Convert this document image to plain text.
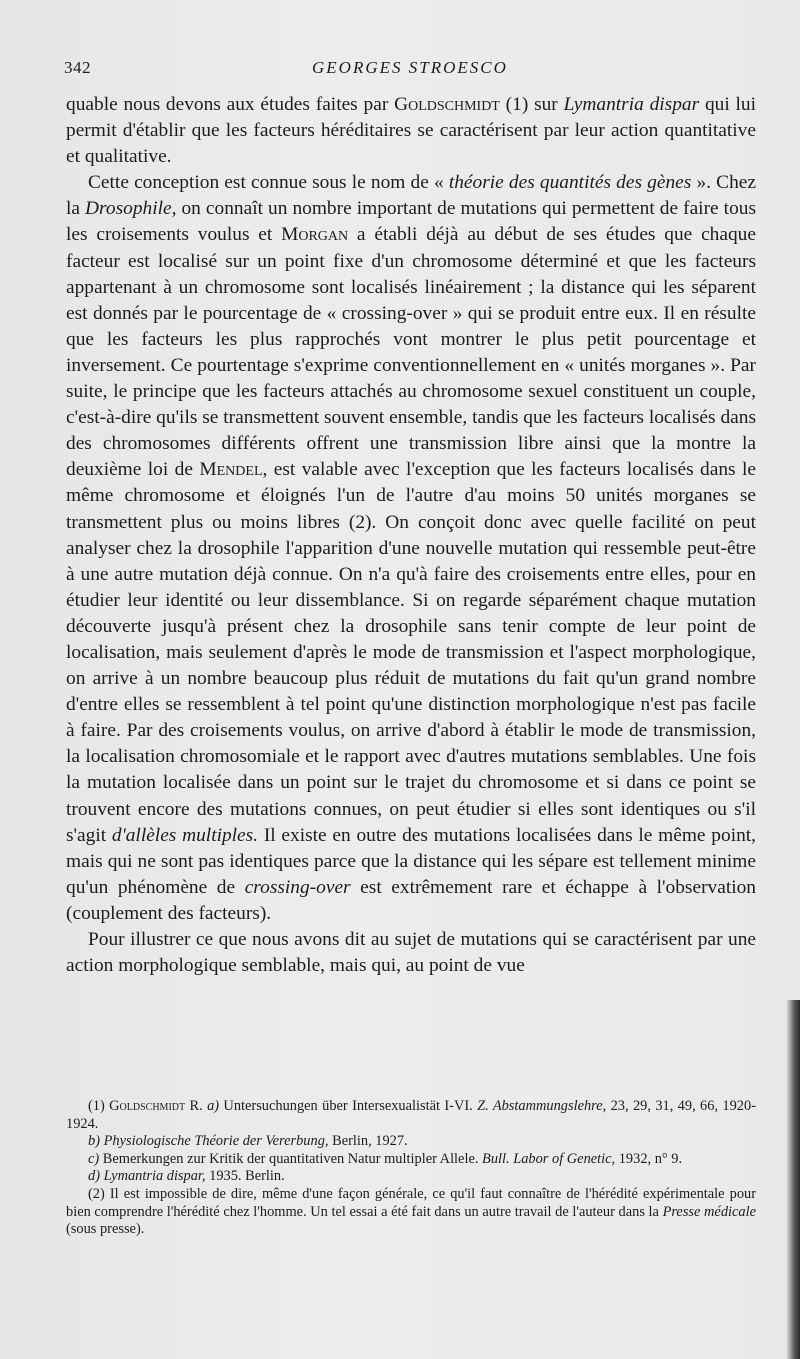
342	GEORGES STROESCO

quable nous devons aux études faites par Goldschmidt (1) sur Lymantria dispar qui lui permit d'établir que les facteurs héréditaires se caractérisent par leur action quantitative et qualitative.

Cette conception est connue sous le nom de « théorie des quantités des gènes ». Chez la Drosophile, on connaît un nombre important de mutations qui permettent de faire tous les croisements voulus et Morgan a établi déjà au début de ses études que chaque facteur est localisé sur un point fixe d'un chromosome déterminé et que les facteurs appartenant à un chromosome sont localisés linéairement ; la distance qui les séparent est donnés par le pourcentage de « crossing-over » qui se produit entre eux. Il en résulte que les facteurs les plus rapprochés vont montrer le plus petit pourcentage et inversement. Ce pourtentage s'exprime conventionnellement en « unités morganes ». Par suite, le principe que les facteurs attachés au chromosome sexuel constituent un couple, c'est-à-dire qu'ils se transmettent souvent ensemble, tandis que les facteurs localisés dans des chromosomes différents offrent une transmission libre ainsi que la montre la deuxième loi de Mendel, est valable avec l'exception que les facteurs localisés dans le même chromosome et éloignés l'un de l'autre d'au moins 50 unités morganes se transmettent plus ou moins libres (2). On conçoit donc avec quelle facilité on peut analyser chez la drosophile l'apparition d'une nouvelle mutation qui ressemble peut-être à une autre mutation déjà connue. On n'a qu'à faire des croisements entre elles, pour en étudier leur identité ou leur dissemblance. Si on regarde séparément chaque mutation découverte jusqu'à présent chez la drosophile sans tenir compte de leur point de localisation, mais seulement d'après le mode de transmission et l'aspect morphologique, on arrive à un nombre beaucoup plus réduit de mutations du fait qu'un grand nombre d'entre elles se ressemblent à tel point qu'une distinction morphologique n'est pas facile à faire. Par des croisements voulus, on arrive d'abord à établir le mode de transmission, la localisation chromosomiale et le rapport avec d'autres mutations semblables. Une fois la mutation localisée dans un point sur le trajet du chromosome et si dans ce point se trouvent encore des mutations connues, on peut étudier si elles sont identiques ou s'il s'agit d'allèles multiples. Il existe en outre des mutations localisées dans le même point, mais qui ne sont pas identiques parce que la distance qui les sépare est tellement minime qu'un phénomène de crossing-over est extrêmement rare et échappe à l'observation (couplement des facteurs).

Pour illustrer ce que nous avons dit au sujet de mutations qui se caractérisent par une action morphologique semblable, mais qui, au point de vue

(1) Goldschmidt R. a) Untersuchungen über Intersexualistät I-VI. Z. Abstammungslehre, 23, 29, 31, 49, 66, 1920-1924.
b) Physiologische Théorie der Vererbung, Berlin, 1927.
c) Bemerkungen zur Kritik der quantitativen Natur multipler Allele. Bull. Labor of Genetic, 1932, n° 9.
d) Lymantria dispar, 1935. Berlin.
(2) Il est impossible de dire, même d'une façon générale, ce qu'il faut connaître de l'hérédité expérimentale pour bien comprendre l'hérédité chez l'homme. Un tel essai a été fait dans un autre travail de l'auteur dans la Presse médicale (sous presse).
